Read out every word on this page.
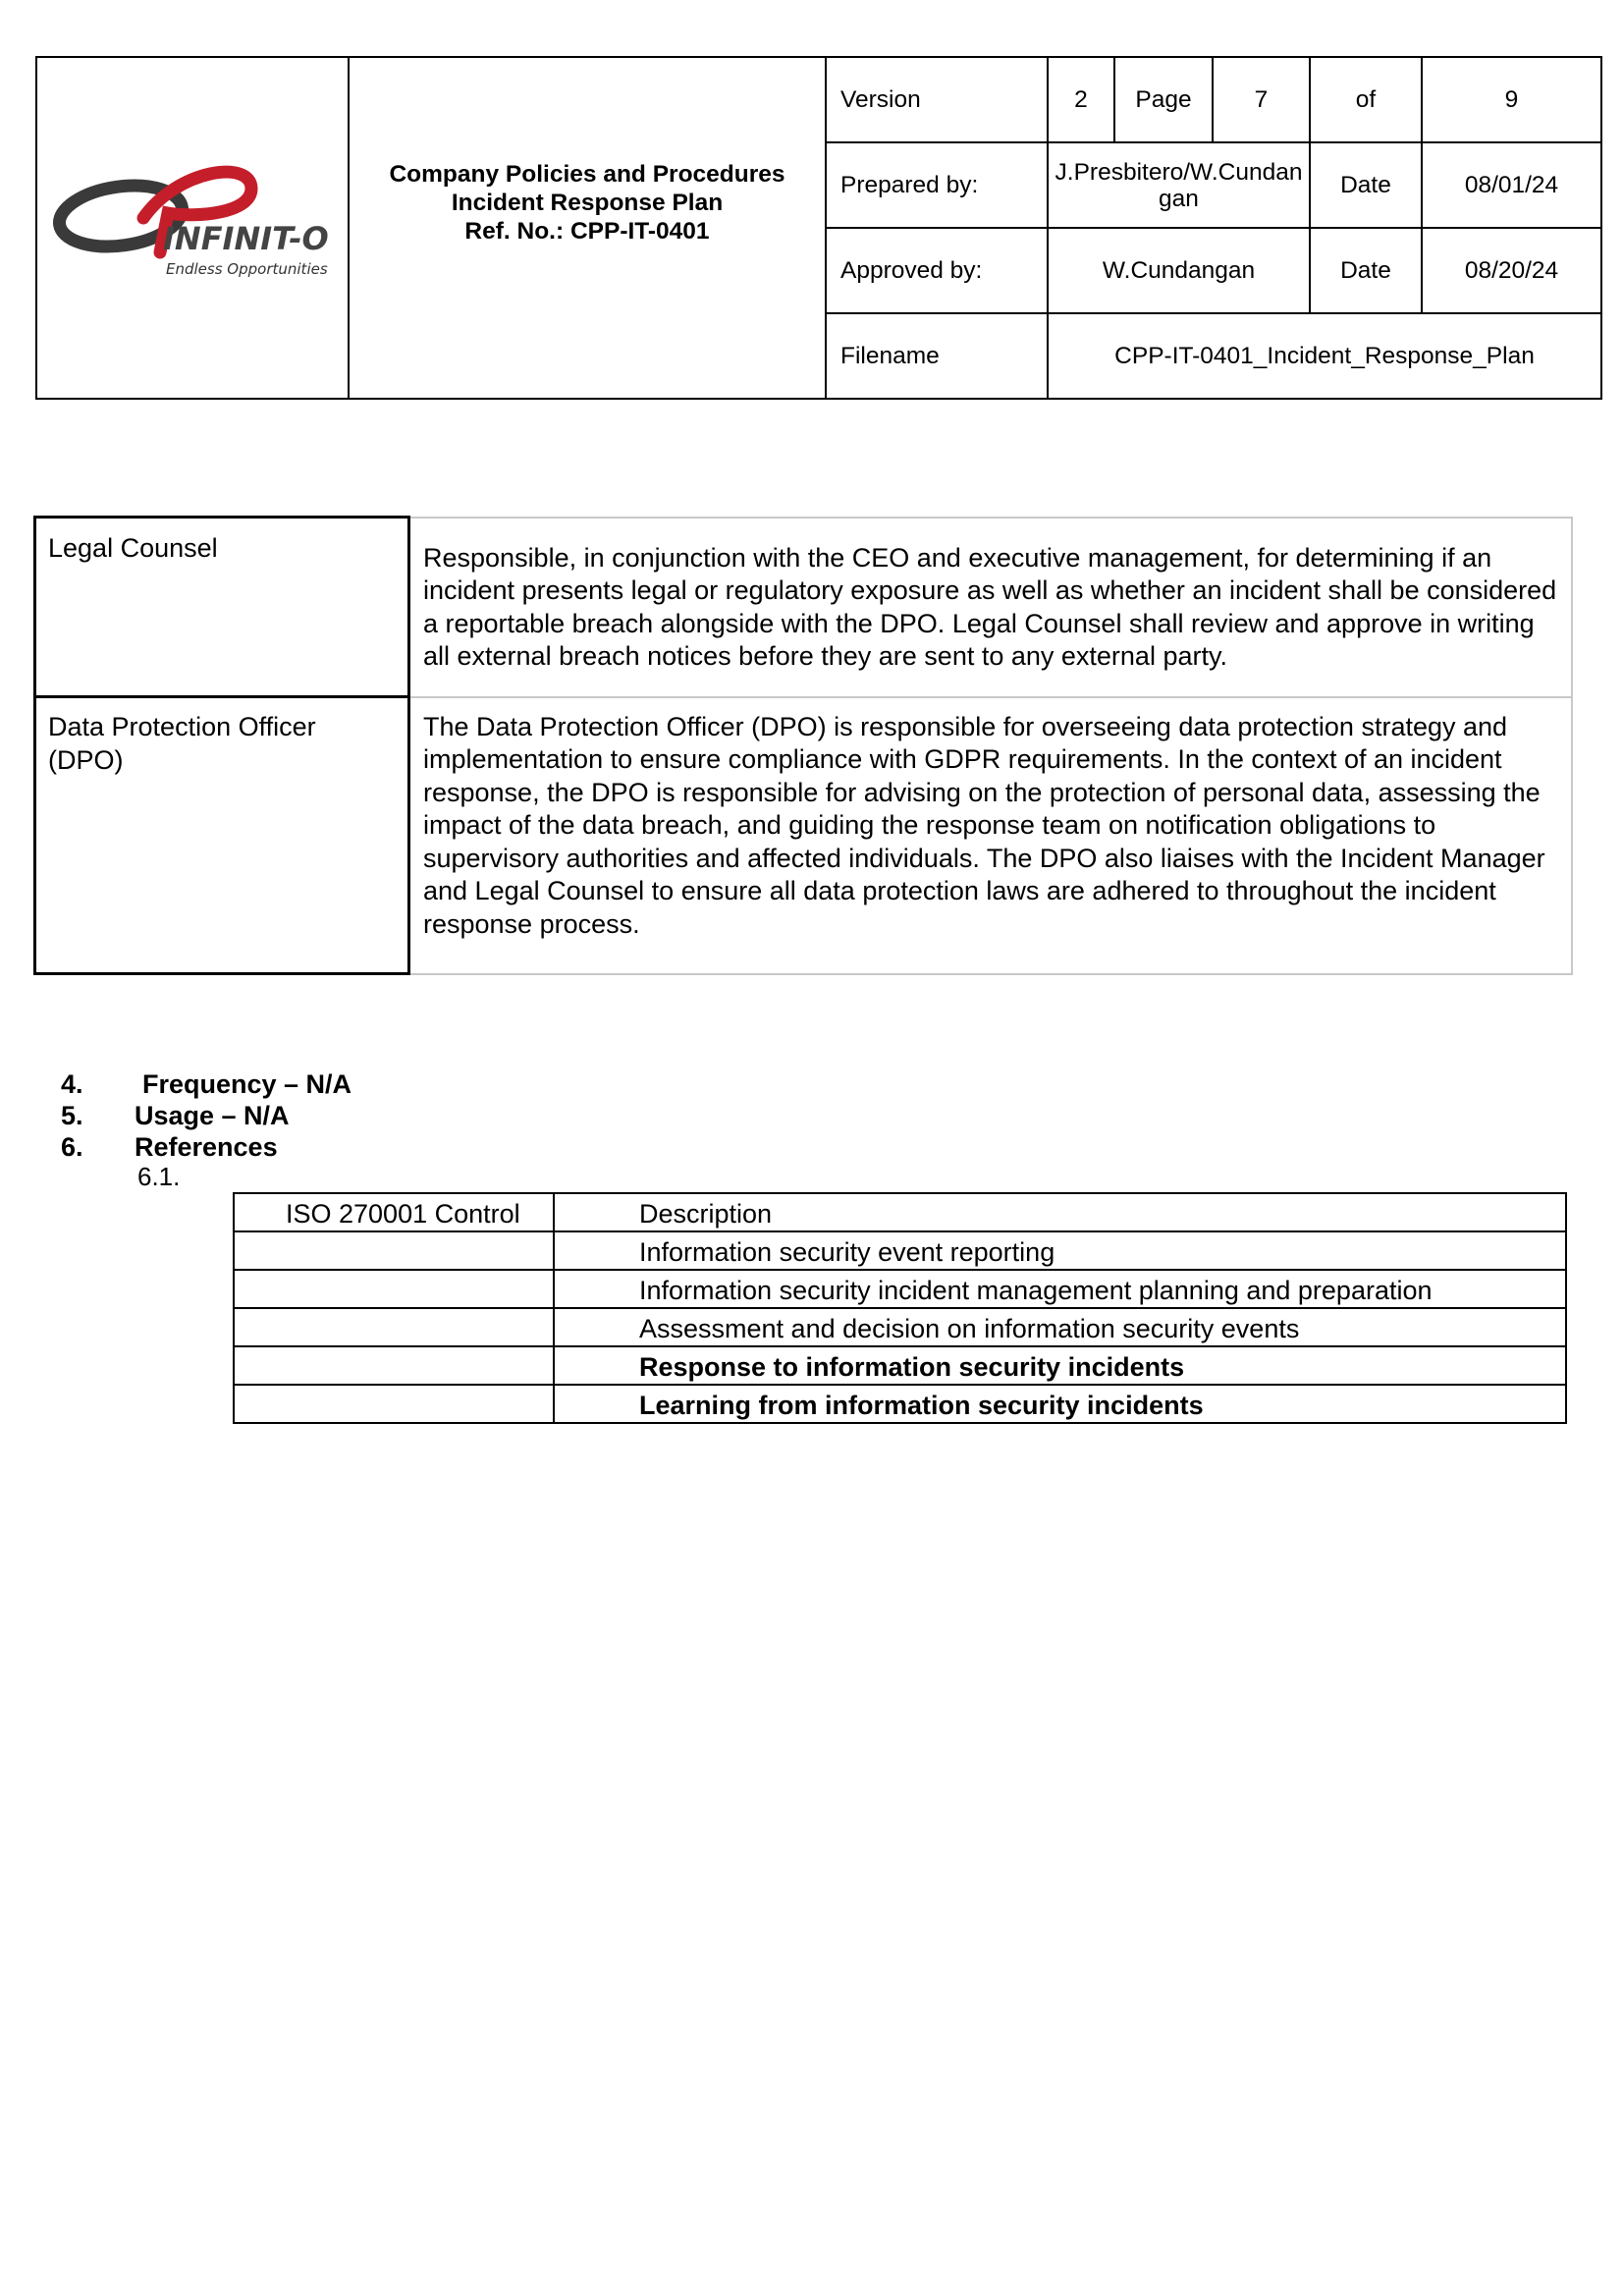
INFINIT-O
Endless Opportunities
Company Policies and Procedures
Incident Response Plan
Ref. No.: CPP-IT-0401
Version	2	Page	7	of	9
Prepared by:	J.Presbitero/W.Cundangan	Date	08/01/24
Approved by:	W.Cundangan	Date	08/20/24
Filename	CPP-IT-0401_Incident_Response_Plan
Legal Counsel	Responsible, in conjunction with the CEO and executive management, for determining if an incident presents legal or regulatory exposure as well as whether an incident shall be considered a reportable breach alongside with the DPO. Legal Counsel shall review and approve in writing all external breach notices before they are sent to any external party.
Data Protection Officer (DPO)	The Data Protection Officer (DPO) is responsible for overseeing data protection strategy and implementation to ensure compliance with GDPR requirements. In the context of an incident response, the DPO is responsible for advising on the protection of personal data, assessing the impact of the data breach, and guiding the response team on notification obligations to supervisory authorities and affected individuals. The DPO also liaises with the Incident Manager and Legal Counsel to ensure all data protection laws are adhered to throughout the incident response process.
4. Frequency – N/A
5. Usage – N/A
6. References
6.1.
ISO 270001 Control	Description
	Information security event reporting
	Information security incident management planning and preparation
	Assessment and decision on information security events
	Response to information security incidents
	Learning from information security incidents
